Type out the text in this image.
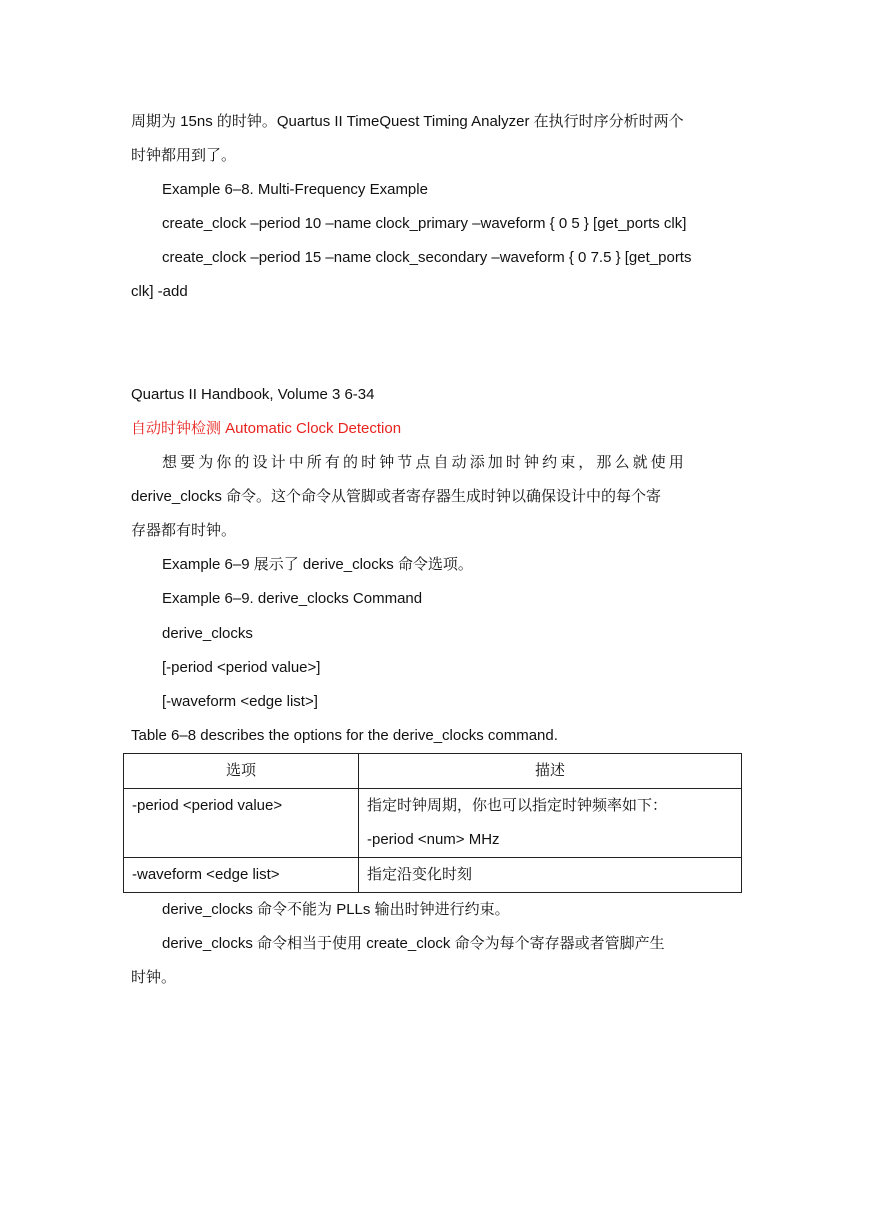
周期为 15ns 的时钟。Quartus II TimeQuest Timing Analyzer 在执行时序分析时两个
时钟都用到了。
Example 6–8. Multi-Frequency Example
create_clock –period 10 –name clock_primary –waveform { 0 5 } [get_ports clk]
create_clock –period 15 –name clock_secondary –waveform { 0 7.5 } [get_ports
clk] -add
Quartus II Handbook, Volume 3 6-34
自动时钟检测 Automatic Clock Detection
想要为你的设计中所有的时钟节点自动添加时钟约束，那么就使用
derive_clocks 命令。这个命令从管脚或者寄存器生成时钟以确保设计中的每个寄
存器都有时钟。
Example 6–9 展示了 derive_clocks 命令选项。
Example 6–9. derive_clocks Command
derive_clocks
[-period <period value>]
[-waveform <edge list>]
Table 6–8 describes the options for the derive_clocks command.
选项	描述

-period <period value>	指定时钟周期，你也可以指定时钟频率如下：
-period <num> MHz

-waveform <edge list>	指定沿变化时刻
derive_clocks 命令不能为 PLLs 输出时钟进行约束。
derive_clocks 命令相当于使用 create_clock 命令为每个寄存器或者管脚产生
时钟。
